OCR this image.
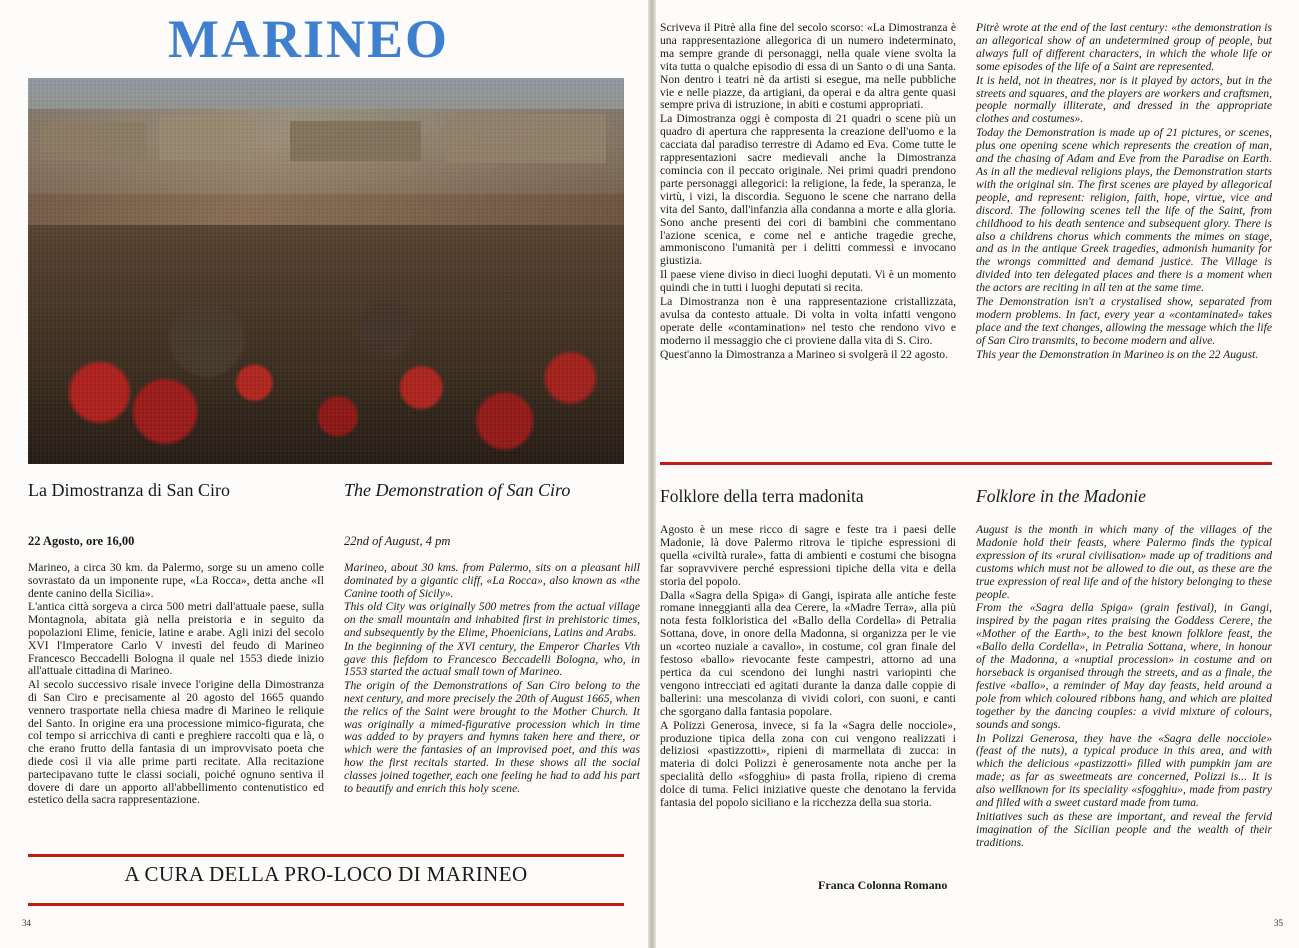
MARINEO
La Dimostranza di San Ciro	The Demonstration of San Ciro
22 Agosto, ore 16,00	22nd of August, 4 pm

Marineo, a circa 30 km. da Palermo, sorge su un ameno colle sovrastato da un imponente rupe, «La Rocca», detta anche «Il dente canino della Sicilia».

L'antica città sorgeva a circa 500 metri dall'attuale paese, sulla Montagnola, abitata già nella preistoria e in seguito da popolazioni Elime, fenicie, latine e arabe. Agli inizi del secolo XVI l'Imperatore Carlo V investì del feudo di Marineo Francesco Beccadelli Bologna il quale nel 1553 diede inizio all'attuale cittadina di Marineo.

Al secolo successivo risale invece l'origine della Dimostranza di San Ciro e precisamente al 20 agosto del 1665 quando vennero trasportate nella chiesa madre di Marineo le reliquie del Santo. In origine era una processione mimico-figurata, che col tempo si arricchiva di canti e preghiere raccolti qua e là, o che erano frutto della fantasia di un improvvisato poeta che diede così il via alle prime parti recitate. Alla recitazione partecipavano tutte le classi sociali, poiché ognuno sentiva il dovere di dare un apporto all'abbellimento contenutistico ed estetico della sacra rappresentazione.

Marineo, about 30 kms. from Palermo, sits on a pleasant hill dominated by a gigantic cliff, «La Rocca», also known as «the Canine tooth of Sicily».

This old City was originally 500 metres from the actual village on the small mountain and inhabited first in prehistoric times, and subsequently by the Elime, Phoenicians, Latins and Arabs.

In the beginning of the XVI century, the Emperor Charles Vth gave this fiefdom to Francesco Beccadelli Bologna, who, in 1553 started the actual small town of Marineo.

The origin of the Demonstrations of San Ciro belong to the next century, and more precisely the 20th of August 1665, when the relics of the Saint were brought to the Mother Church. It was originally a mimed-figurative procession which in time was added to by prayers and hymns taken here and there, or which were the fantasies of an improvised poet, and this was how the first recitals started. In these shows all the social classes joined together, each one feeling he had to add his part to beautify and enrich this holy scene.

A CURA DELLA PRO-LOCO DI MARINEO
34

Scriveva il Pitrè alla fine del secolo scorso: «La Dimostranza è una rappresentazione allegorica di un numero indeterminato, ma sempre grande di personaggi, nella quale viene svolta la vita tutta o qualche episodio di essa di un Santo o di una Santa. Non dentro i teatri nè da artisti si esegue, ma nelle pubbliche vie e nelle piazze, da artigiani, da operai e da altra gente quasi sempre priva di istruzione, in abiti e costumi appropriati.

La Dimostranza oggi è composta di 21 quadri o scene più un quadro di apertura che rappresenta la creazione dell'uomo e la cacciata dal paradiso terrestre di Adamo ed Eva. Come tutte le rappresentazioni sacre medievali anche la Dimostranza comincia con il peccato originale. Nei primi quadri prendono parte personaggi allegorici: la religione, la fede, la speranza, le virtù, i vizi, la discordia. Seguono le scene che narrano della vita del Santo, dall'infanzia alla condanna a morte e alla gloria. Sono anche presenti dei cori di bambini che commentano l'azione scenica, e come nel e antiche tragedie greche, ammoniscono l'umanità per i delitti commessi e invocano giustizia.

Il paese viene diviso in dieci luoghi deputati. Vi è un momento quindi che in tutti i luoghi deputati si recita.

La Dimostranza non è una rappresentazione cristallizzata, avulsa da contesto attuale. Di volta in volta infatti vengono operate delle «contamination» nel testo che rendono vivo e moderno il messaggio che ci proviene dalla vita di S. Ciro.

Quest'anno la Dimostranza a Marineo si svolgerà il 22 agosto.

Pitrè wrote at the end of the last century: «the demonstration is an allegorical show of an undetermined group of people, but always full of different characters, in which the whole life or some episodes of the life of a Saint are represented.

It is held, not in theatres, nor is it played by actors, but in the streets and squares, and the players are workers and craftsmen, people normally illiterate, and dressed in the appropriate clothes and costumes».

Today the Demonstration is made up of 21 pictures, or scenes, plus one opening scene which represents the creation of man, and the chasing of Adam and Eve from the Paradise on Earth. As in all the medieval religions plays, the Demonstration starts with the original sin. The first scenes are played by allegorical people, and represent: religion, faith, hope, virtue, vice and discord. The following scenes tell the life of the Saint, from childhood to his death sentence and subsequent glory. There is also a childrens chorus which comments the mimes on stage, and as in the antique Greek tragedies, admonish humanity for the wrongs committed and demand justice. The Village is divided into ten delegated places and there is a moment when the actors are reciting in all ten at the same time.

The Demonstration isn't a crystalised show, separated from modern problems. In fact, every year a «contaminated» takes place and the text changes, allowing the message which the life of San Ciro transmits, to become modern and alive.

This year the Demonstration in Marineo is on the 22 August.

Folklore della terra madonita	Folklore in the Madonie

Agosto è un mese ricco di sagre e feste tra i paesi delle Madonie, là dove Palermo ritrova le tipiche espressioni di quella «civiltà rurale», fatta di ambienti e costumi che bisogna far sopravvivere perché espressioni tipiche della vita e della storia del popolo.

Dalla «Sagra della Spiga» di Gangi, ispirata alle antiche feste romane inneggianti alla dea Cerere, la «Madre Terra», alla più nota festa folkloristica del «Ballo della Cordella» di Petralia Sottana, dove, in onore della Madonna, si organizza per le vie un «corteo nuziale a cavallo», in costume, col gran finale del festoso «ballo» rievocante feste campestri, attorno ad una pertica da cui scendono dei lunghi nastri variopinti che vengono intrecciati ed agitati durante la danza dalle coppie di ballerini: una mescolanza di vividi colori, con suoni, e canti che sgorgano dalla fantasia popolare.

A Polizzi Generosa, invece, si fa la «Sagra delle nocciole», produzione tipica della zona con cui vengono realizzati i deliziosi «pastizzotti», ripieni di marmellata di zucca: in materia di dolci Polizzi è generosamente nota anche per la specialità dello «sfogghiu» di pasta frolla, ripieno di crema dolce di tuma. Felici iniziative queste che denotano la fervida fantasia del popolo siciliano e la ricchezza della sua storia.

August is the month in which many of the villages of the Madonie hold their feasts, where Palermo finds the typical expression of its «rural civilisation» made up of traditions and customs which must not be allowed to die out, as these are the true expression of real life and of the history belonging to these people.

From the «Sagra della Spiga» (grain festival), in Gangi, inspired by the pagan rites praising the Goddess Cerere, the «Mother of the Earth», to the best known folklore feast, the «Ballo della Cordella», in Petralia Sottana, where, in honour of the Madonna, a «nuptial procession» in costume and on horseback is organised through the streets, and as a finale, the festive «ballo», a reminder of May day feasts, held around a pole from which coloured ribbons hang, and which are plaited together by the dancing couples: a vivid mixture of colours, sounds and songs.

In Polizzi Generosa, they have the «Sagra delle nocciole» (feast of the nuts), a typical produce in this area, and with which the delicious «pastizzotti» filled with pumpkin jam are made; as far as sweetmeats are concerned, Polizzi is... It is also wellknown for its speciality «sfogghiu», made from pastry and filled with a sweet custard made from tuma.

Initiatives such as these are important, and reveal the fervid imagination of the Sicilian people and the wealth of their traditions.

Franca Colonna Romano
35
